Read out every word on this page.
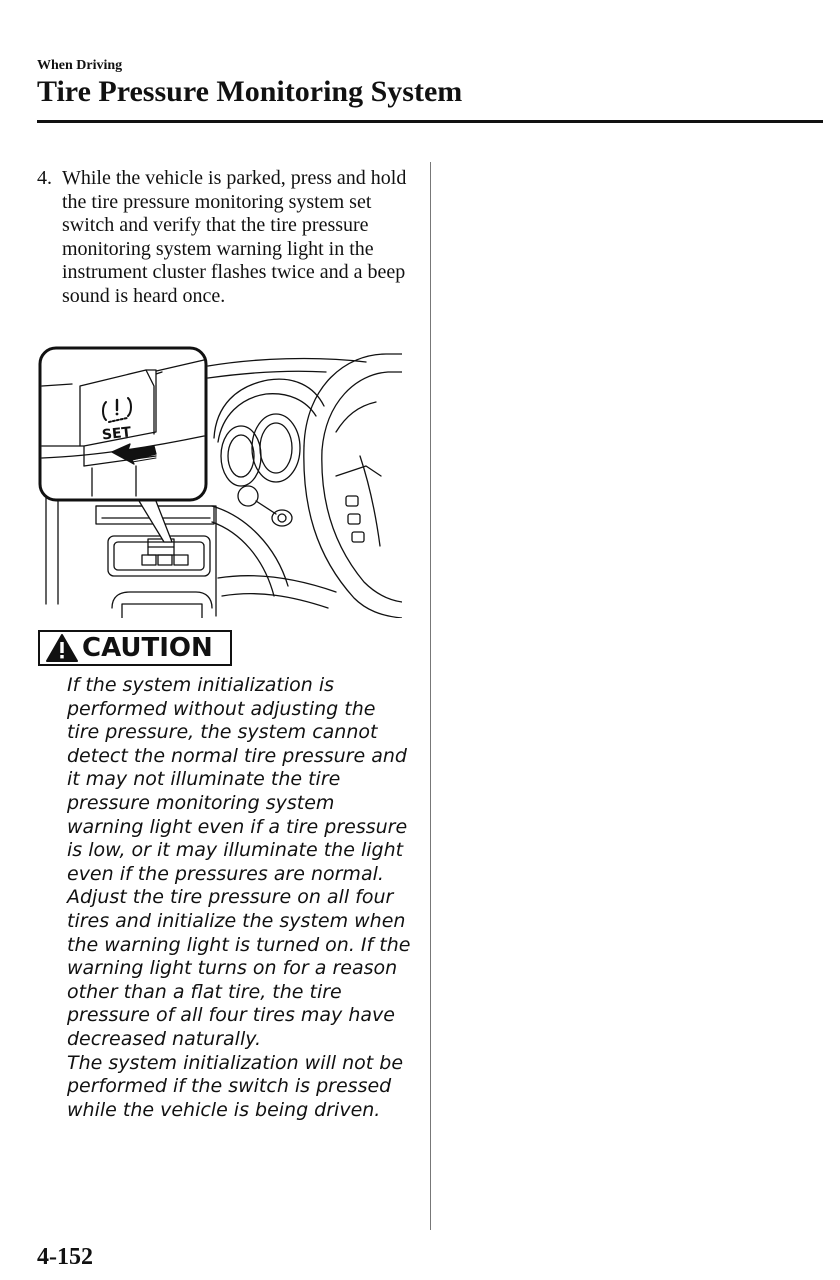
When Driving
Tire Pressure Monitoring System
4. While the vehicle is parked, press and hold the tire pressure monitoring system set switch and verify that the tire pressure monitoring system warning light in the instrument cluster flashes twice and a beep sound is heard once.
SET
CAUTION

If the system initialization is performed without adjusting the tire pressure, the system cannot detect the normal tire pressure and it may not illuminate the tire pressure monitoring system warning light even if a tire pressure is low, or it may illuminate the light even if the pressures are normal.

Adjust the tire pressure on all four tires and initialize the system when the warning light is turned on. If the warning light turns on for a reason other than a flat tire, the tire pressure of all four tires may have decreased naturally.

The system initialization will not be performed if the switch is pressed while the vehicle is being driven.

4-152
